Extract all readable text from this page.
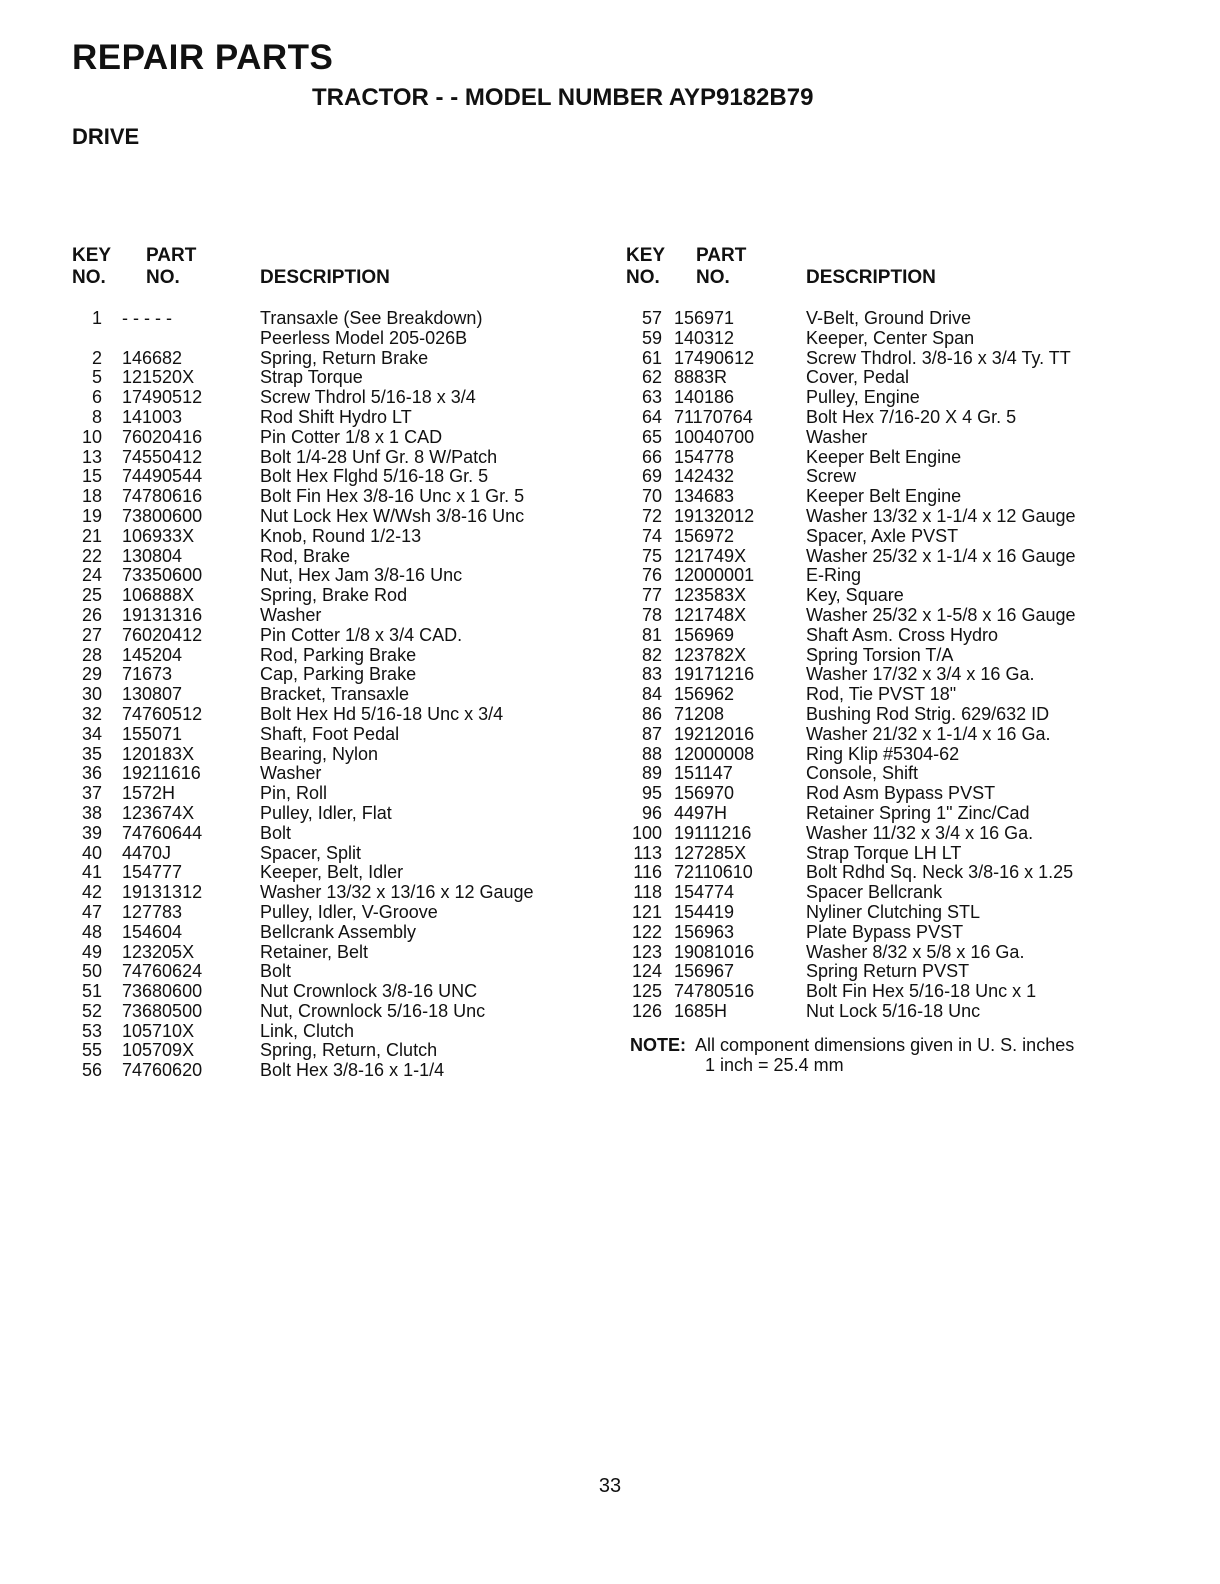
REPAIR PARTS
TRACTOR - - MODEL NUMBER AYP9182B79
DRIVE
KEY
NO.
PART
NO.	DESCRIPTION
KEY
NO.
PART
NO.	DESCRIPTION
1 - - - - -	Transaxle (See Breakdown)
Peerless Model 205-026B
2 146682	Spring, Return Brake
5 121520X	Strap Torque
6 17490512	Screw Thdrol 5/16-18 x 3/4
8 141003	Rod Shift Hydro LT
10 76020416	Pin Cotter 1/8 x 1 CAD
13 74550412	Bolt 1/4-28 Unf Gr. 8 W/Patch
15 74490544	Bolt Hex Flghd 5/16-18 Gr. 5
18 74780616	Bolt Fin Hex 3/8-16 Unc x 1 Gr. 5
19 73800600	Nut Lock Hex W/Wsh 3/8-16 Unc
21 106933X	Knob, Round 1/2-13
22 130804	Rod, Brake
24 73350600	Nut, Hex Jam 3/8-16 Unc
25 106888X	Spring, Brake Rod
26 19131316	Washer
27 76020412	Pin Cotter 1/8 x 3/4 CAD.
28 145204	Rod, Parking Brake
29 71673	Cap, Parking Brake
30 130807	Bracket, Transaxle
32 74760512	Bolt Hex Hd 5/16-18 Unc x 3/4
34 155071	Shaft, Foot Pedal
35 120183X	Bearing, Nylon
36 19211616	Washer
37 1572H	Pin, Roll
38 123674X	Pulley, Idler, Flat
39 74760644	Bolt
40 4470J	Spacer, Split
41 154777	Keeper, Belt, Idler
42 19131312	Washer 13/32 x 13/16 x 12 Gauge
47 127783	Pulley, Idler, V-Groove
48 154604	Bellcrank Assembly
49 123205X	Retainer, Belt
50 74760624	Bolt
51 73680600	Nut Crownlock 3/8-16 UNC
52 73680500	Nut, Crownlock 5/16-18 Unc
53 105710X	Link, Clutch
55 105709X	Spring, Return, Clutch
56 74760620	Bolt Hex 3/8-16 x 1-1/4
57 156971	V-Belt, Ground Drive
59 140312	Keeper, Center Span
61 17490612	Screw Thdrol. 3/8-16 x 3/4 Ty. TT
62 8883R	Cover, Pedal
63 140186	Pulley, Engine
64 71170764	Bolt Hex 7/16-20 X 4 Gr. 5
65 10040700	Washer
66 154778	Keeper Belt Engine
69 142432	Screw
70 134683	Keeper Belt Engine
72 19132012	Washer 13/32 x 1-1/4 x 12 Gauge
74 156972	Spacer, Axle PVST
75 121749X	Washer 25/32 x 1-1/4 x 16 Gauge
76 12000001	E-Ring
77 123583X	Key, Square
78 121748X	Washer 25/32 x 1-5/8 x 16 Gauge
81 156969	Shaft Asm. Cross Hydro
82 123782X	Spring Torsion T/A
83 19171216	Washer 17/32 x 3/4 x 16 Ga.
84 156962	Rod, Tie PVST 18"
86 71208	Bushing Rod Strig. 629/632 ID
87 19212016	Washer 21/32 x 1-1/4 x 16 Ga.
88 12000008	Ring Klip #5304-62
89 151147	Console, Shift
95 156970	Rod Asm Bypass PVST
96 4497H	Retainer Spring 1" Zinc/Cad
100 19111216	Washer 11/32 x 3/4 x 16 Ga.
113 127285X	Strap Torque LH LT
116 72110610	Bolt Rdhd Sq. Neck 3/8-16 x 1.25
118 154774	Spacer Bellcrank
121 154419	Nyliner Clutching STL
122 156963	Plate Bypass PVST
123 19081016	Washer 8/32 x 5/8 x 16 Ga.
124 156967	Spring Return PVST
125 74780516	Bolt Fin Hex 5/16-18 Unc x 1
126 1685H	Nut Lock 5/16-18 Unc
NOTE: All component dimensions given in U. S. inches
1 inch = 25.4 mm
33
